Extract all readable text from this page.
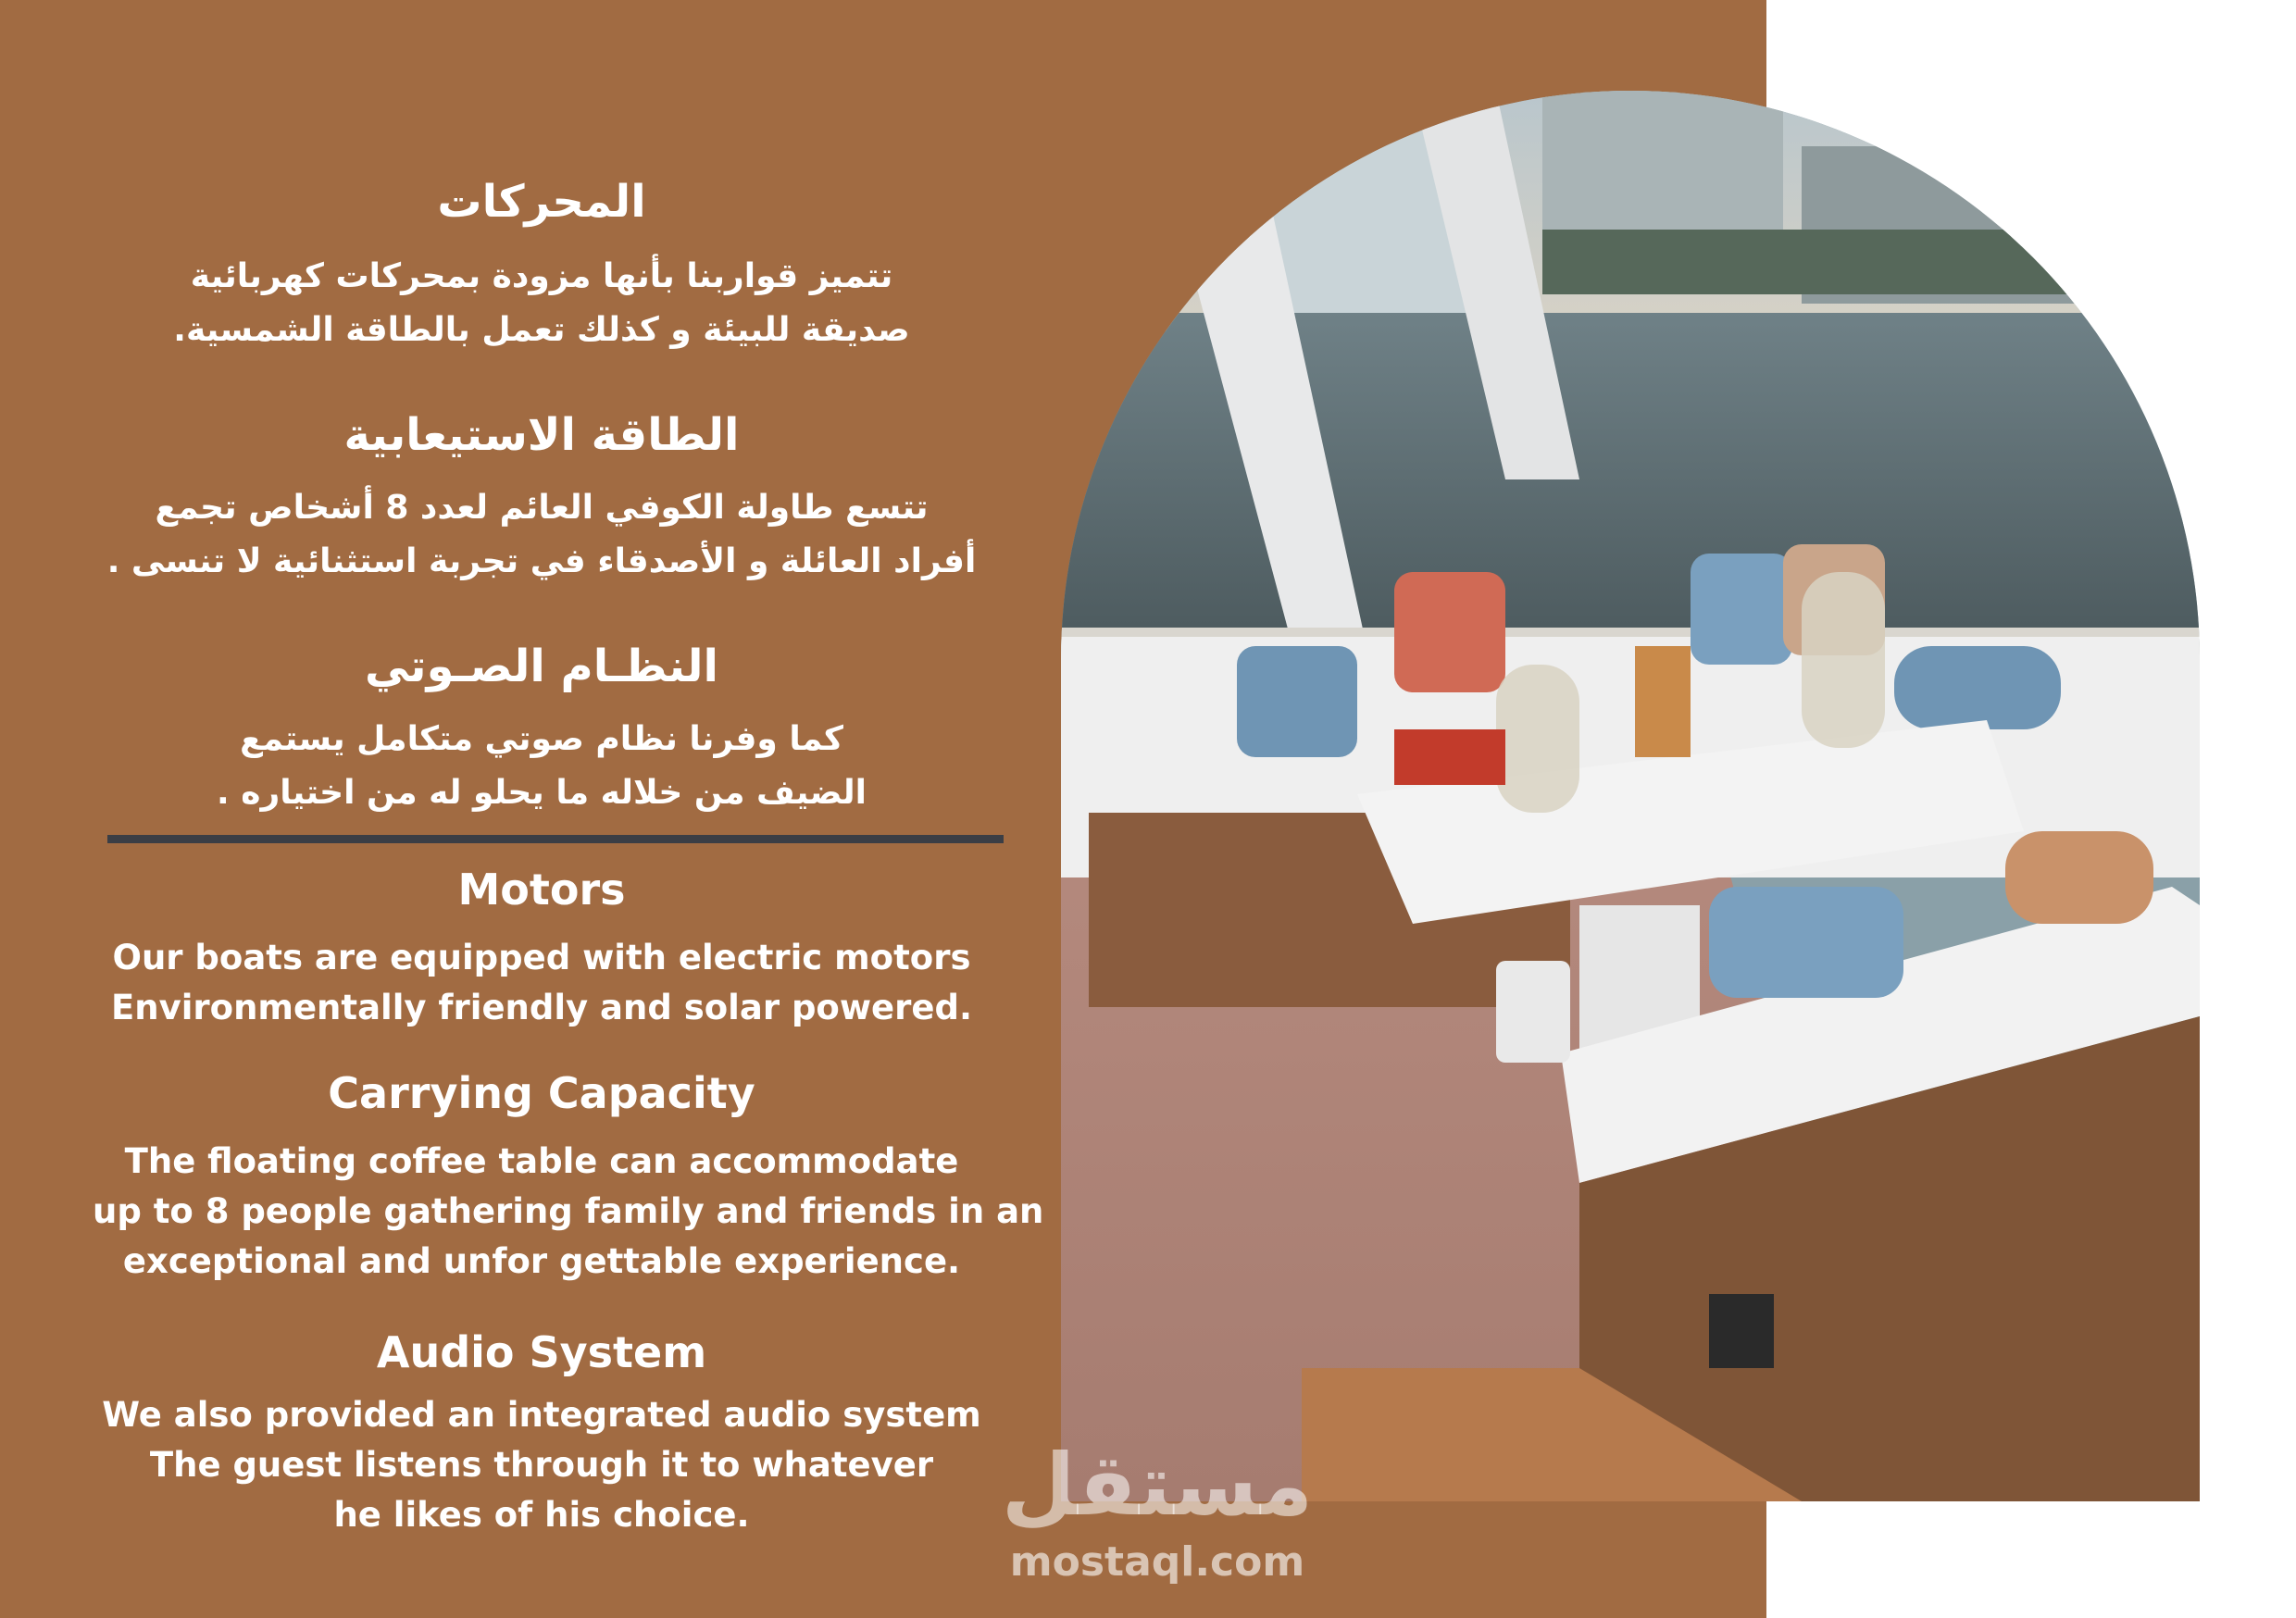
المحركات
تتميز قواربنا بأنها مزودة بمحركات كهربائية
صديقة للبيئة و كذلك تعمل بالطاقة الشمسية.
الطاقة الاستيعابية
تتسع طاولة الكوفي العائم لعدد 8 أشخاص تجمع
أفراد العائلة و الأصدقاء في تجربة استثنائية لا تنسى .
النظـام الصـوتي
كما وفرنا نظام صوتي متكامل يستمع
الضيف من خلاله ما يحلو له من اختياره .
Motors
Our boats are equipped with electric motors
Environmentally friendly and solar powered.
Carrying Capacity
The floating coffee table can accommodate
up to 8 people gathering family and friends in an
exceptional and unfor gettable experience.
Audio System
We also provided an integrated audio system
The guest listens through it to whatever
he likes of his choice.	مستقل
mostaql.com
